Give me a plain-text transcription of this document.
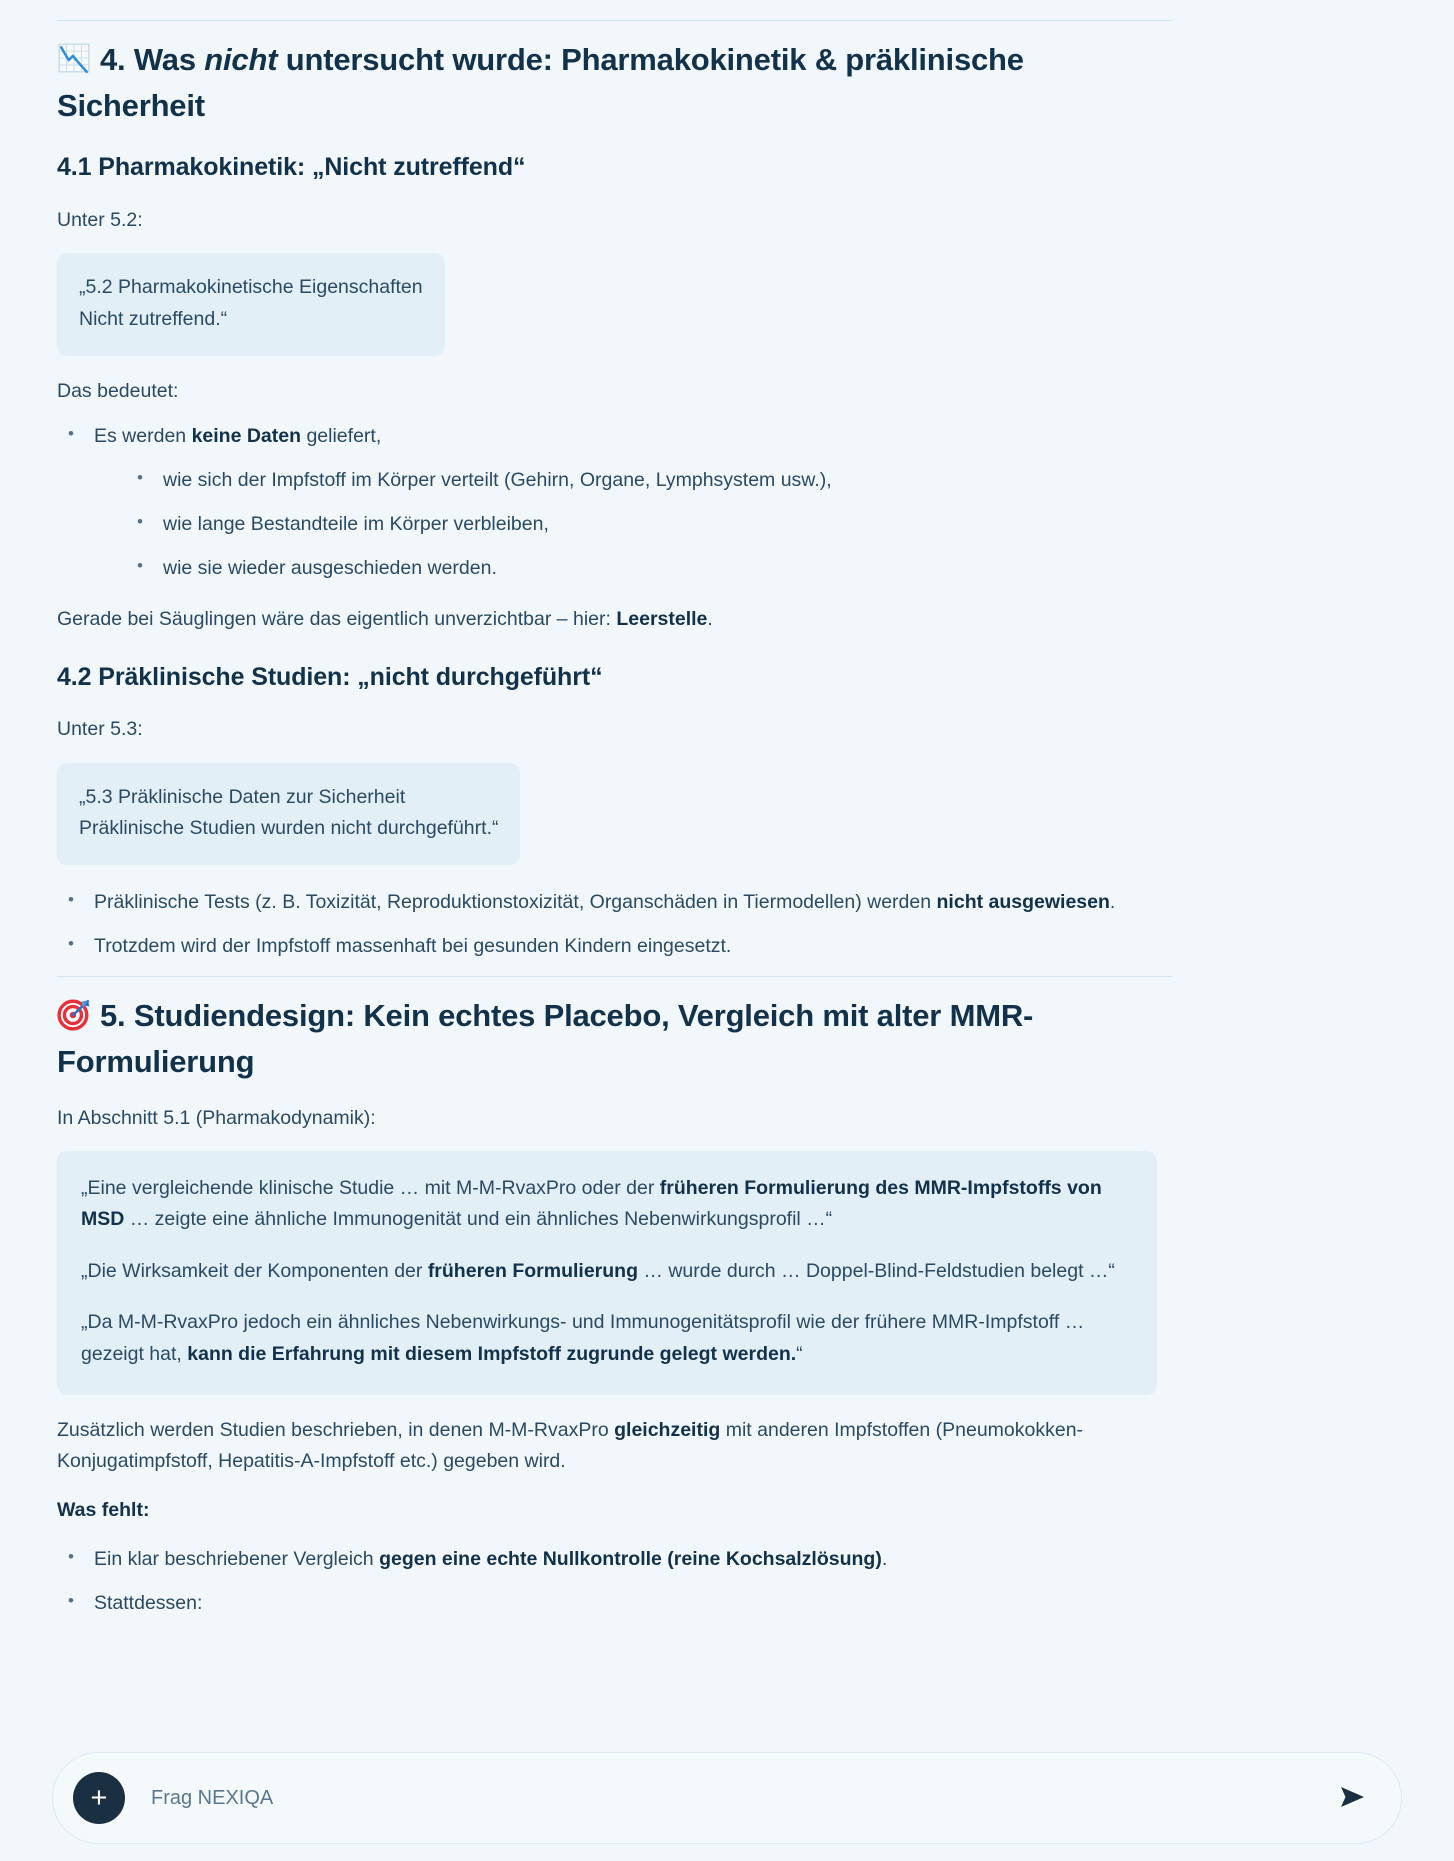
4. Was nicht untersucht wurde: Pharmakokinetik & präklinische Sicherheit
4.1 Pharmakokinetik: „Nicht zutreffend“

Unter 5.2:

„5.2 Pharmakokinetische Eigenschaften

Nicht zutreffend.“

Das bedeutet:

• Es werden keine Daten geliefert,
• wie sich der Impfstoff im Körper verteilt (Gehirn, Organe, Lymphsystem usw.),
• wie lange Bestandteile im Körper verbleiben,
• wie sie wieder ausgeschieden werden.

Gerade bei Säuglingen wäre das eigentlich unverzichtbar – hier: Leerstelle.

4.2 Präklinische Studien: „nicht durchgeführt“

Unter 5.3:

„5.3 Präklinische Daten zur Sicherheit

Präklinische Studien wurden nicht durchgeführt.“

• Präklinische Tests (z. B. Toxizität, Reproduktionstoxizität, Organschäden in Tiermodellen) werden nicht ausgewiesen.
• Trotzdem wird der Impfstoff massenhaft bei gesunden Kindern eingesetzt.
5. Studiendesign: Kein echtes Placebo, Vergleich mit alter MMR-Formulierung

In Abschnitt 5.1 (Pharmakodynamik):

„Eine vergleichende klinische Studie … mit M-M-RvaxPro oder der früheren Formulierung des MMR-Impfstoffs von MSD … zeigte eine ähnliche Immunogenität und ein ähnliches Nebenwirkungsprofil …“

„Die Wirksamkeit der Komponenten der früheren Formulierung … wurde durch … Doppel-Blind-Feldstudien belegt …“

„Da M-M-RvaxPro jedoch ein ähnliches Nebenwirkungs- und Immunogenitätsprofil wie der frühere MMR-Impfstoff … gezeigt hat, kann die Erfahrung mit diesem Impfstoff zugrunde gelegt werden.“

Zusätzlich werden Studien beschrieben, in denen M-M-RvaxPro gleichzeitig mit anderen Impfstoffen (Pneumokokken-Konjugatimpfstoff, Hepatitis-A-Impfstoff etc.) gegeben wird.

Was fehlt:

• Ein klar beschriebener Vergleich gegen eine echte Nullkontrolle (reine Kochsalzlösung).
• Stattdessen:
+
Frag NEXIQA
